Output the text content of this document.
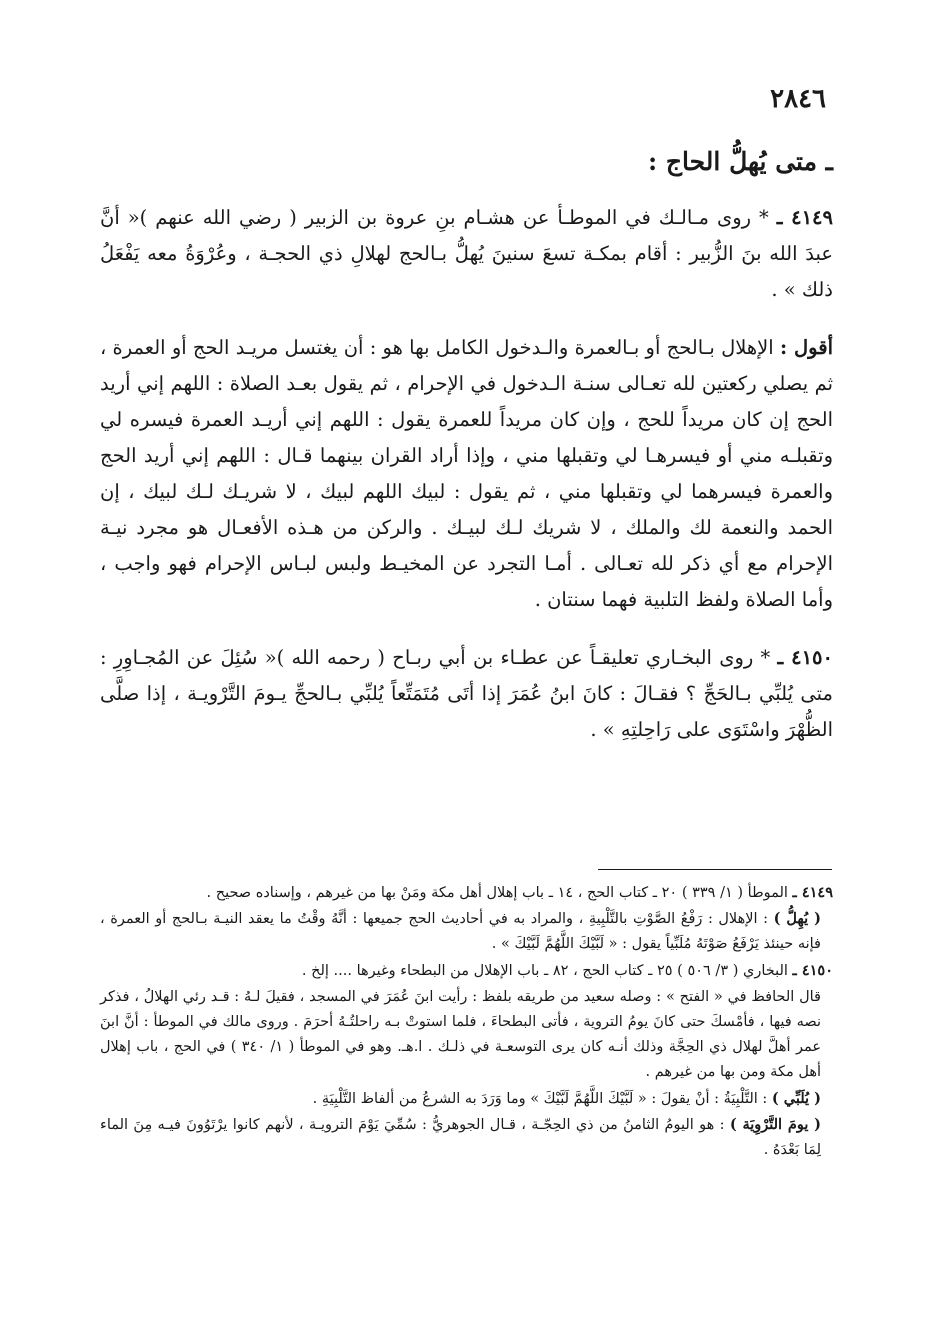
٢٨٤٦
ـ متى يُهلُّ الحاج :

٤١٤٩ ـ * روى مـالـك في الموطـأ عن هشـام بنِ عروة بن الزبير ( رضي الله عنهم )« أنَّ عبدَ الله بنَ الزُّبير : أقام بمكـة تسعَ سنينَ يُهلُّ بـالحج لهلالِ ذي الحجـة ، وعُرْوَةُ معه يَفْعَلُ ذلك » .

أقول : الإهلال بـالحج أو بـالعمرة والـدخول الكامل بها هو : أن يغتسل مريـد الحج أو العمرة ، ثم يصلي ركعتين لله تعـالى سنـة الـدخول في الإحرام ، ثم يقول بعـد الصلاة : اللهم إني أريد الحج إن كان مريداً للحج ، وإن كان مريداً للعمرة يقول : اللهم إني أريـد العمرة فيسره لي وتقبلـه مني أو فيسرهـا لي وتقبلها مني ، وإذا أراد القران بينهما قـال : اللهم إني أريد الحج والعمرة فيسرهما لي وتقبلها مني ، ثم يقول : لبيك اللهم لبيك ، لا شريـك لـك لبيك ، إن الحمد والنعمة لك والملك ، لا شريك لـك لبيـك . والركن من هـذه الأفعـال هو مجرد نيـة الإحرام مع أي ذكر لله تعـالى . أمـا التجرد عن المخيـط ولبس لبـاس الإحرام فهو واجب ، وأما الصلاة ولفظ التلبية فهما سنتان .

٤١٥٠ ـ * روى البخـاري تعليقـاً عن عطـاء بن أبي ربـاح ( رحمه الله )« سُئِلَ عن المُجـاوِرِ : متى يُلبِّي بـالحَجِّ ؟ فقـالَ : كانَ ابنُ عُمَرَ إذا أتَى مُتَمَتِّعاً يُلبِّي بـالحجِّ يـومَ التَّرْويـة ، إذا صلَّى الظُّهْرَ واسْتَوَى على رَاحِلتِهِ » .

٤١٤٩ ـ الموطأ ( ١/ ٣٣٩ ) ٢٠ ـ كتاب الحج ، ١٤ ـ باب إهلال أهل مكة ومَنْ بها من غيرهم ، وإسناده صحيح .

( يُهِلُّ ) : الإهلال : رَفْعُ الصَّوْتِ بالتَّلْبِيةِ ، والمراد به في أحاديث الحج جميعها : أنَّهُ وقْتُ ما يعقد النيـة بـالحج أو العمرة ، فإنه حينئذ يَرْفَعُ صَوْتَهُ مُلَبِّياً يقول : « لَبَّيْكَ اللَّهُمَّ لَبَّيْكَ » .

٤١٥٠ ـ البخاري ( ٣/ ٥٠٦ ) ٢٥ ـ كتاب الحج ، ٨٢ ـ باب الإهلال من البطحاء وغيرها .... إلخ .

قال الحافظ في « الفتح » : وصله سعيد من طريقه بلفظ : رأيت ابنَ عُمَرَ في المسجد ، فقيلَ لـهُ : قـد رئي الهلالُ ، فذكر نصه فيها ، فأمْسكَ حتى كانَ يومُ التروية ، فأتى البطحاءَ ، فلما استوتْ بـه راحلتُـهُ أحرَمَ . وروى مالك في الموطأ : أنَّ ابنَ عمر أهلَّ لهلال ذي الحِجَّة وذلك أنـه كان يرى التوسعـة في ذلـك . ا.هـ. وهو في الموطأ ( ١/ ٣٤٠ ) في الحج ، باب إهلال أهل مكة ومن بها من غيرهم .

( يُلَبِّي ) : التَّلْبِيَةُ : أنْ يقولَ : « لَبَّيْكَ اللَّهُمَّ لَبَّيْكَ » وما وَرَدَ به الشرعُ من ألفاظ التَّلْبِيَةِ .

( يومَ التَّرْوِيَة ) : هو اليومُ الثامنُ من ذي الحِجّـة ، قـال الجوهريُّ : سُمِّيَ يَوْمَ الترويـة ، لأنهم كانوا يرْتَوُونَ فيـه مِنَ الماء لِمَا بَعْدَهُ .
